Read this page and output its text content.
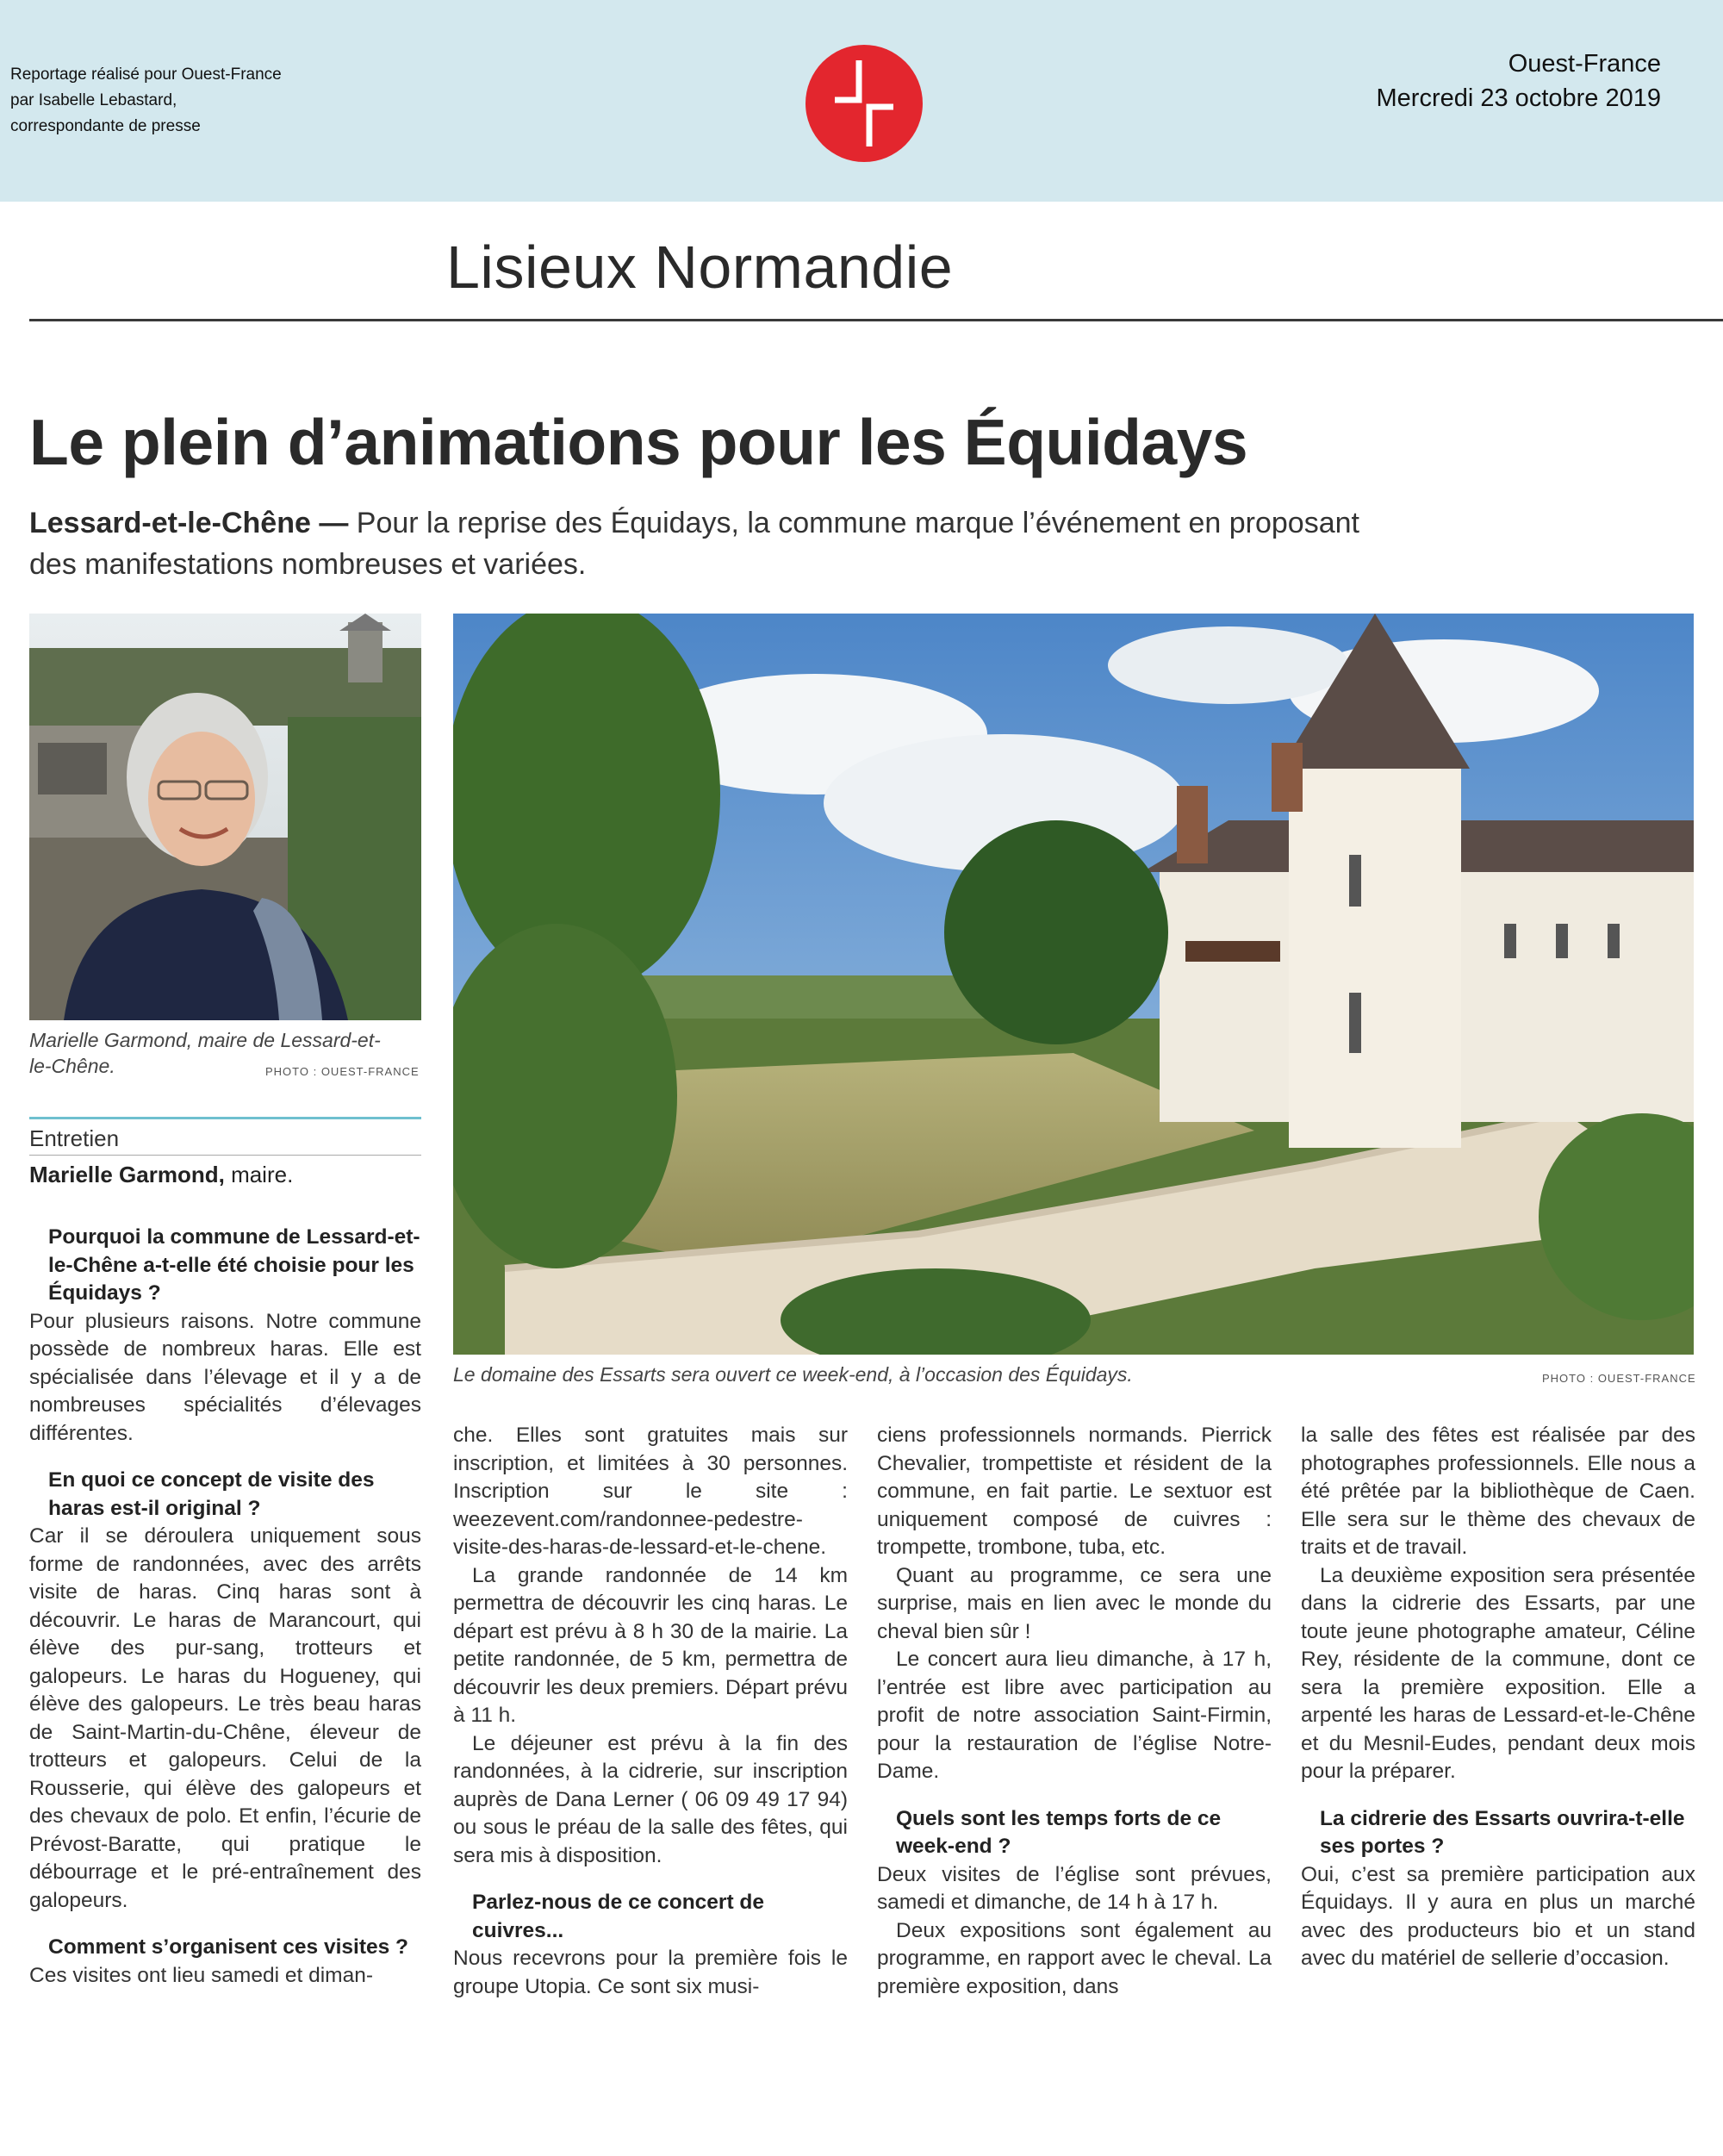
Reportage réalisé pour Ouest-France
par Isabelle Lebastard,
correspondante de presse
Ouest-France
Mercredi 23 octobre 2019
Lisieux Normandie
Le plein d’animations pour les Équidays
Lessard-et-le-Chêne — Pour la reprise des Équidays, la commune marque l’événement en proposant des manifestations nombreuses et variées.
Marielle Garmond, maire de Lessard-et-le-Chêne.	PHOTO : OUEST-FRANCE
Entretien
Marielle Garmond, maire.
Le domaine des Essarts sera ouvert ce week-end, à l’occasion des Équidays.	PHOTO : OUEST-FRANCE

Pourquoi la commune de Lessard-et-le-Chêne a-t-elle été choisie pour les Équidays ?

Pour plusieurs raisons. Notre commune possède de nombreux haras. Elle est spécialisée dans l’élevage et il y a de nombreuses spécialités d’élevages différentes.

En quoi ce concept de visite des haras est-il original ?

Car il se déroulera uniquement sous forme de randonnées, avec des arrêts visite de haras. Cinq haras sont à découvrir. Le haras de Marancourt, qui élève des pur-sang, trotteurs et galopeurs. Le haras du Hogueney, qui élève des galopeurs. Le très beau haras de Saint-Martin-du-Chêne, éleveur de trotteurs et galopeurs. Celui de la Rousserie, qui élève des galopeurs et des chevaux de polo. Et enfin, l’écurie de Prévost-Baratte, qui pratique le débourrage et le pré-entraînement des galopeurs.

Comment s’organisent ces visites ?

Ces visites ont lieu samedi et diman-

che. Elles sont gratuites mais sur inscription, et limitées à 30 personnes. Inscription sur le site : weezevent.com/randonnee-pedestre-visite-des-haras-de-lessard-et-le-chene.

La grande randonnée de 14 km permettra de découvrir les cinq haras. Le départ est prévu à 8 h 30 de la mairie. La petite randonnée, de 5 km, permettra de découvrir les deux premiers. Départ prévu à 11 h.

Le déjeuner est prévu à la fin des randonnées, à la cidrerie, sur inscription auprès de Dana Lerner ( 06 09 49 17 94) ou sous le préau de la salle des fêtes, qui sera mis à disposition.

Parlez-nous de ce concert de cuivres...

Nous recevrons pour la première fois le groupe Utopia. Ce sont six musi-

ciens professionnels normands. Pierrick Chevalier, trompettiste et résident de la commune, en fait partie. Le sextuor est uniquement composé de cuivres : trompette, trombone, tuba, etc.

Quant au programme, ce sera une surprise, mais en lien avec le monde du cheval bien sûr !

Le concert aura lieu dimanche, à 17 h, l’entrée est libre avec participation au profit de notre association Saint-Firmin, pour la restauration de l’église Notre-Dame.

Quels sont les temps forts de ce week-end ?

Deux visites de l’église sont prévues, samedi et dimanche, de 14 h à 17 h.

Deux expositions sont également au programme, en rapport avec le cheval. La première exposition, dans

la salle des fêtes est réalisée par des photographes professionnels. Elle nous a été prêtée par la bibliothèque de Caen. Elle sera sur le thème des chevaux de traits et de travail.

La deuxième exposition sera présentée dans la cidrerie des Essarts, par une toute jeune photographe amateur, Céline Rey, résidente de la commune, dont ce sera la première exposition. Elle a arpenté les haras de Lessard-et-le-Chêne et du Mesnil-Eudes, pendant deux mois pour la préparer.

La cidrerie des Essarts ouvrira-t-elle ses portes ?

Oui, c’est sa première participation aux Équidays. Il y aura en plus un marché avec des producteurs bio et un stand avec du matériel de sellerie d’occasion.
